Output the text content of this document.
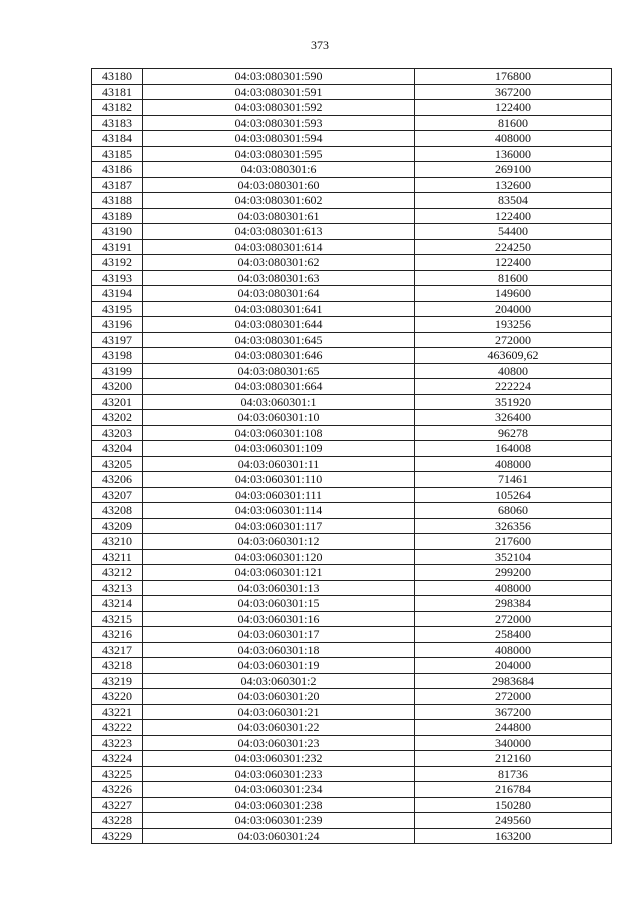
373
43180	04:03:080301:590	176800
43181	04:03:080301:591	367200
43182	04:03:080301:592	122400
43183	04:03:080301:593	81600
43184	04:03:080301:594	408000
43185	04:03:080301:595	136000
43186	04:03:080301:6	269100
43187	04:03:080301:60	132600
43188	04:03:080301:602	83504
43189	04:03:080301:61	122400
43190	04:03:080301:613	54400
43191	04:03:080301:614	224250
43192	04:03:080301:62	122400
43193	04:03:080301:63	81600
43194	04:03:080301:64	149600
43195	04:03:080301:641	204000
43196	04:03:080301:644	193256
43197	04:03:080301:645	272000
43198	04:03:080301:646	463609,62
43199	04:03:080301:65	40800
43200	04:03:080301:664	222224
43201	04:03:060301:1	351920
43202	04:03:060301:10	326400
43203	04:03:060301:108	96278
43204	04:03:060301:109	164008
43205	04:03:060301:11	408000
43206	04:03:060301:110	71461
43207	04:03:060301:111	105264
43208	04:03:060301:114	68060
43209	04:03:060301:117	326356
43210	04:03:060301:12	217600
43211	04:03:060301:120	352104
43212	04:03:060301:121	299200
43213	04:03:060301:13	408000
43214	04:03:060301:15	298384
43215	04:03:060301:16	272000
43216	04:03:060301:17	258400
43217	04:03:060301:18	408000
43218	04:03:060301:19	204000
43219	04:03:060301:2	2983684
43220	04:03:060301:20	272000
43221	04:03:060301:21	367200
43222	04:03:060301:22	244800
43223	04:03:060301:23	340000
43224	04:03:060301:232	212160
43225	04:03:060301:233	81736
43226	04:03:060301:234	216784
43227	04:03:060301:238	150280
43228	04:03:060301:239	249560
43229	04:03:060301:24	163200
